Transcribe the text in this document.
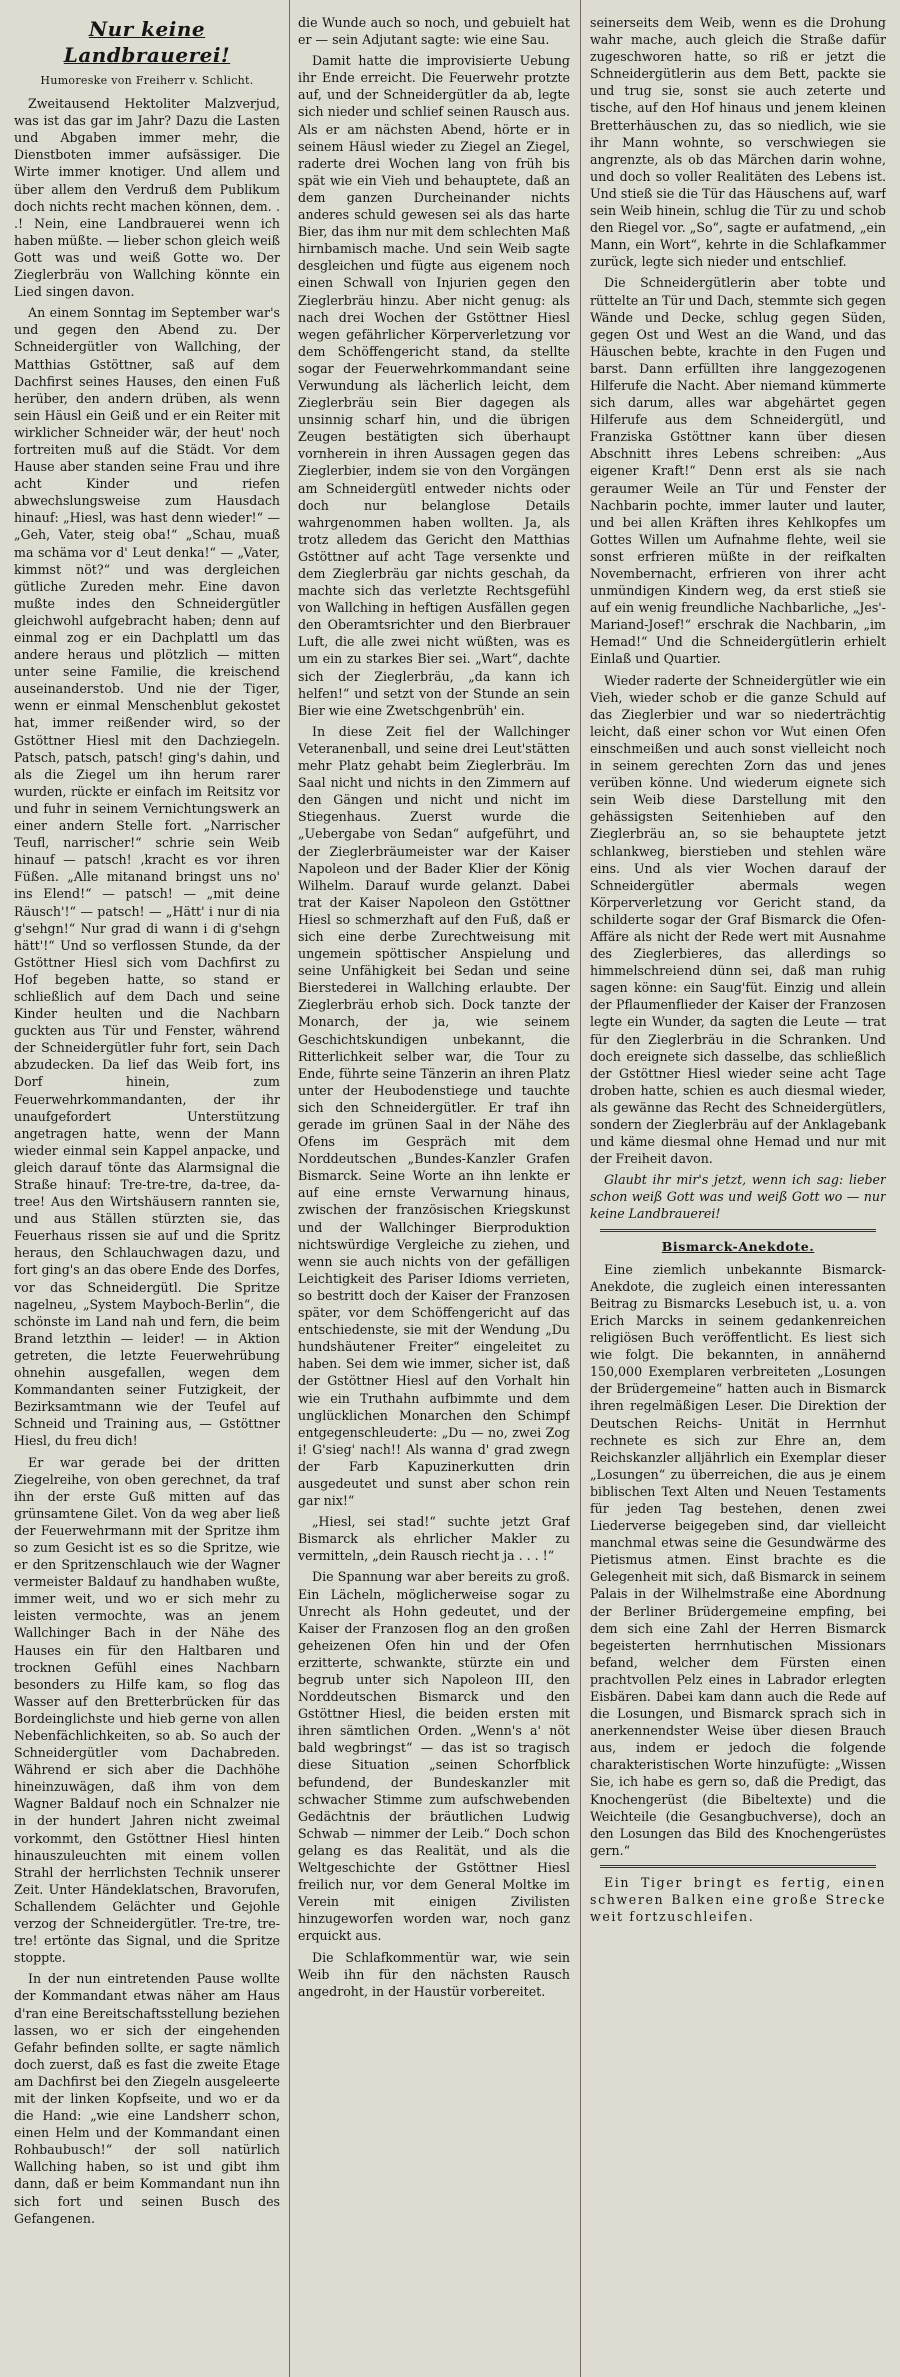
Nur keine Landbrauerei!
Humoreske von Freiherr v. Schlicht.

Zweitausend Hektoliter Malzverjud, was ist das gar im Jahr? Dazu die Lasten und Abgaben immer mehr, die Dienstboten immer aufsässiger. Die Wirte immer knotiger. Und allem und über allem den Verdruß dem Publikum doch nichts recht machen können, dem. . .! Nein, eine Landbrauerei wenn ich haben müßte. — lieber schon gleich weiß Gott was und weiß Gotte wo. Der Zieglerbräu von Wallching könnte ein Lied singen davon.

An einem Sonntag im September war's und gegen den Abend zu. Der Schneidergütler von Wallching, der Matthias Gstöttner, saß auf dem Dachfirst seines Hauses, den einen Fuß herüber, den andern drüben, als wenn sein Häusl ein Geiß und er ein Reiter mit wirklicher Schneider wär, der heut' noch fortreiten muß auf die Städt. Vor dem Hause aber standen seine Frau und ihre acht Kinder und riefen abwechslungsweise zum Hausdach hinauf: „Hiesl, was hast denn wieder!“ — „Geh, Vater, steig oba!“ „Schau, muaß ma schäma vor d' Leut denka!“ — „Vater, kimmst nöt?“ und was dergleichen gütliche Zureden mehr. Eine davon mußte indes den Schneidergütler gleichwohl aufgebracht haben; denn auf einmal zog er ein Dachplattl um das andere heraus und plötzlich — mitten unter seine Familie, die kreischend auseinanderstob. Und nie der Tiger, wenn er einmal Menschenblut gekostet hat, immer reißender wird, so der Gstöttner Hiesl mit den Dachziegeln. Patsch, patsch, patsch! ging's dahin, und als die Ziegel um ihn herum rarer wurden, rückte er einfach im Reitsitz vor und fuhr in seinem Vernichtungswerk an einer andern Stelle fort. „Narrischer Teufl, narrischer!“ schrie sein Weib hinauf — patsch! ‚kracht es vor ihren Füßen. „Alle mitanand bringst uns no' ins Elend!“ — patsch! — „mit deine Räusch'!“ — patsch! — „Hätt' i nur di nia g'sehgn!“ Nur grad di wann i di g'sehgn hätt'!“ Und so verflossen Stunde, da der Gstöttner Hiesl sich vom Dachfirst zu Hof begeben hatte, so stand er schließlich auf dem Dach und seine Kinder heulten und die Nachbarn guckten aus Tür und Fenster, während der Schneidergütler fuhr fort, sein Dach abzudecken. Da lief das Weib fort, ins Dorf hinein, zum Feuerwehrkommandanten, der ihr unaufgefordert Unterstützung angetragen hatte, wenn der Mann wieder einmal sein Kappel anpacke, und gleich darauf tönte das Alarmsignal die Straße hinauf: Tre-tre-tre, da-tree, da-tree! Aus den Wirtshäusern rannten sie, und aus Ställen stürzten sie, das Feuerhaus rissen sie auf und die Spritz heraus, den Schlauchwagen dazu, und fort ging's an das obere Ende des Dorfes, vor das Schneidergütl. Die Spritze nagelneu, „System Mayboch-Berlin“, die schönste im Land nah und fern, die beim Brand letzthin — leider! — in Aktion getreten, die letzte Feuerwehrübung ohnehin ausgefallen, wegen dem Kommandanten seiner Futzigkeit, der Bezirksamtmann wie der Teufel auf Schneid und Training aus, — Gstöttner Hiesl, du freu dich!

Er war gerade bei der dritten Ziegelreihe, von oben gerechnet, da traf ihn der erste Guß mitten auf das grünsamtene Gilet. Von da weg aber ließ der Feuerwehrmann mit der Spritze ihm so zum Gesicht ist es so die Spritze, wie er den Spritzenschlauch wie der Wagner vermeister Baldauf zu handhaben wußte, immer weit, und wo er sich mehr zu leisten vermochte, was an jenem Wallchinger Bach in der Nähe des Hauses ein für den Haltbaren und trocknen Gefühl eines Nachbarn besonders zu Hilfe kam, so flog das Wasser auf den Bretterbrücken für das Bordeinglichste und hieb gerne von allen Nebenfächlichkeiten, so ab. So auch der Schneidergütler vom Dachabreden. Während er sich aber die Dachhöhe hineinzuwägen, daß ihm von dem Wagner Baldauf noch ein Schnalzer nie in der hundert Jahren nicht zweimal vorkommt, den Gstöttner Hiesl hinten hinauszuleuchten mit einem vollen Strahl der herrlichsten Technik unserer Zeit. Unter Händeklatschen, Bravorufen, Schallendem Gelächter und Gejohle verzog der Schneidergütler. Tre-tre, tre-tre! ertönte das Signal, und die Spritze stoppte.

In der nun eintretenden Pause wollte der Kommandant etwas näher am Haus d'ran eine Bereitschaftsstellung beziehen lassen, wo er sich der eingehenden Gefahr befinden sollte, er sagte nämlich doch zuerst, daß es fast die zweite Etage am Dachfirst bei den Ziegeln ausgeleerte mit der linken Kopfseite, und wo er da die Hand: „wie eine Landsherr schon, einen Helm und der Kommandant einen Rohbaubusch!“ der soll natürlich Wallching haben, so ist und gibt ihm dann, daß er beim Kommandant nun ihn sich fort und seinen Busch des Gefangenen.

die Wunde auch so noch, und gebuielt hat er — sein Adjutant sagte: wie eine Sau.

Damit hatte die improvisierte Uebung ihr Ende erreicht. Die Feuerwehr protzte auf, und der Schneidergütler da ab, legte sich nieder und schlief seinen Rausch aus. Als er am nächsten Abend, hörte er in seinem Häusl wieder zu Ziegel an Ziegel, raderte drei Wochen lang von früh bis spät wie ein Vieh und behauptete, daß an dem ganzen Durcheinander nichts anderes schuld gewesen sei als das harte Bier, das ihm nur mit dem schlechten Maß hirnbamisch mache. Und sein Weib sagte desgleichen und fügte aus eigenem noch einen Schwall von Injurien gegen den Zieglerbräu hinzu. Aber nicht genug: als nach drei Wochen der Gstöttner Hiesl wegen gefährlicher Körperverletzung vor dem Schöffengericht stand, da stellte sogar der Feuerwehrkommandant seine Verwundung als lächerlich leicht, dem Zieglerbräu sein Bier dagegen als unsinnig scharf hin, und die übrigen Zeugen bestätigten sich überhaupt vornherein in ihren Aussagen gegen das Zieglerbier, indem sie von den Vorgängen am Schneidergütl entweder nichts oder doch nur belanglose Details wahrgenommen haben wollten. Ja, als trotz alledem das Gericht den Matthias Gstöttner auf acht Tage versenkte und dem Zieglerbräu gar nichts geschah, da machte sich das verletzte Rechtsgefühl von Wallching in heftigen Ausfällen gegen den Oberamtsrichter und den Bierbrauer Luft, die alle zwei nicht wüßten, was es um ein zu starkes Bier sei. „Wart“, dachte sich der Zieglerbräu, „da kann ich helfen!“ und setzt von der Stunde an sein Bier wie eine Zwetschgenbrüh' ein.

In diese Zeit fiel der Wallchinger Veteranenball, und seine drei Leut'stätten mehr Platz gehabt beim Zieglerbräu. Im Saal nicht und nichts in den Zimmern auf den Gängen und nicht und nicht im Stiegenhaus. Zuerst wurde die „Uebergabe von Sedan“ aufgeführt, und der Zieglerbräumeister war der Kaiser Napoleon und der Bader Klier der König Wilhelm. Darauf wurde gelanzt. Dabei trat der Kaiser Napoleon den Gstöttner Hiesl so schmerzhaft auf den Fuß, daß er sich eine derbe Zurechtweisung mit ungemein spöttischer Anspielung und seine Unfähigkeit bei Sedan und seine Bierstederei in Wallching erlaubte. Der Zieglerbräu erhob sich. Dock tanzte der Monarch, der ja, wie seinem Geschichtskundigen unbekannt, die Ritterlichkeit selber war, die Tour zu Ende, führte seine Tänzerin an ihren Platz unter der Heubodenstiege und tauchte sich den Schneidergütler. Er traf ihn gerade im grünen Saal in der Nähe des Ofens im Gespräch mit dem Norddeutschen „Bundes-Kanzler Grafen Bismarck. Seine Worte an ihn lenkte er auf eine ernste Verwarnung hinaus, zwischen der französischen Kriegskunst und der Wallchinger Bierproduktion nichtswürdige Vergleiche zu ziehen, und wenn sie auch nichts von der gefälligen Leichtigkeit des Pariser Idioms verrieten, so bestritt doch der Kaiser der Franzosen später, vor dem Schöffengericht auf das entschiedenste, sie mit der Wendung „Du hundshäutener Freiter“ eingeleitet zu haben. Sei dem wie immer, sicher ist, daß der Gstöttner Hiesl auf den Vorhalt hin wie ein Truthahn aufbimmte und dem unglücklichen Monarchen den Schimpf entgegenschleuderte: „Du — no, zwei Zog i! G'sieg' nach!! Als wanna d' grad zwegn der Farb Kapuzinerkutten drin ausgedeutet und sunst aber schon rein gar nix!“

„Hiesl, sei stad!“ suchte jetzt Graf Bismarck als ehrlicher Makler zu vermitteln, „dein Rausch riecht ja . . . !“

Die Spannung war aber bereits zu groß. Ein Lächeln, möglicherweise sogar zu Unrecht als Hohn gedeutet, und der Kaiser der Franzosen flog an den großen geheizenen Ofen hin und der Ofen erzitterte, schwankte, stürzte ein und begrub unter sich Napoleon III, den Norddeutschen Bismarck und den Gstöttner Hiesl, die beiden ersten mit ihren sämtlichen Orden. „Wenn's a' nöt bald wegbringst“ — das ist so tragisch diese Situation „seinen Schorfblick befundend, der Bundeskanzler mit schwacher Stimme zum aufschwebenden Gedächtnis der bräutlichen Ludwig Schwab — nimmer der Leib.“ Doch schon gelang es das Realität, und als die Weltgeschichte der Gstöttner Hiesl freilich nur, vor dem General Moltke im Verein mit einigen Zivilisten hinzugeworfen worden war, noch ganz erquickt aus.

Die Schlafkommentür war, wie sein Weib ihn für den nächsten Rausch angedroht, in der Haustür vorbereitet.

seinerseits dem Weib, wenn es die Drohung wahr mache, auch gleich die Straße dafür zugeschworen hatte, so riß er jetzt die Schneidergütlerin aus dem Bett, packte sie und trug sie, sonst sie auch zeterte und tische, auf den Hof hinaus und jenem kleinen Bretterhäuschen zu, das so niedlich, wie sie ihr Mann wohnte, so verschwiegen sie angrenzte, als ob das Märchen darin wohne, und doch so voller Realitäten des Lebens ist. Und stieß sie die Tür das Häuschens auf, warf sein Weib hinein, schlug die Tür zu und schob den Riegel vor. „So“, sagte er aufatmend, „ein Mann, ein Wort“, kehrte in die Schlafkammer zurück, legte sich nieder und entschlief.

Die Schneidergütlerin aber tobte und rüttelte an Tür und Dach, stemmte sich gegen Wände und Decke, schlug gegen Süden, gegen Ost und West an die Wand, und das Häuschen bebte, krachte in den Fugen und barst. Dann erfüllten ihre langgezogenen Hilferufe die Nacht. Aber niemand kümmerte sich darum, alles war abgehärtet gegen Hilferufe aus dem Schneidergütl, und Franziska Gstöttner kann über diesen Abschnitt ihres Lebens schreiben: „Aus eigener Kraft!“ Denn erst als sie nach geraumer Weile an Tür und Fenster der Nachbarin pochte, immer lauter und lauter, und bei allen Kräften ihres Kehlkopfes um Gottes Willen um Aufnahme flehte, weil sie sonst erfrieren müßte in der reifkalten Novembernacht, erfrieren von ihrer acht unmündigen Kindern weg, da erst stieß sie auf ein wenig freundliche Nachbarliche, „Jes'-Mariand-Josef!“ erschrak die Nachbarin, „im Hemad!“ Und die Schneidergütlerin erhielt Einlaß und Quartier.

Wieder raderte der Schneidergütler wie ein Vieh, wieder schob er die ganze Schuld auf das Zieglerbier und war so niederträchtig leicht, daß einer schon vor Wut einen Ofen einschmeißen und auch sonst vielleicht noch in seinem gerechten Zorn das und jenes verüben könne. Und wiederum eignete sich sein Weib diese Darstellung mit den gehässigsten Seitenhieben auf den Zieglerbräu an, so sie behauptete jetzt schlankweg, bierstieben und stehlen wäre eins. Und als vier Wochen darauf der Schneidergütler abermals wegen Körperverletzung vor Gericht stand, da schilderte sogar der Graf Bismarck die Ofen-Affäre als nicht der Rede wert mit Ausnahme des Zieglerbieres, das allerdings so himmelschreiend dünn sei, daß man ruhig sagen könne: ein Saug'füt. Einzig und allein der Pflaumenflieder der Kaiser der Franzosen legte ein Wunder, da sagten die Leute — trat für den Zieglerbräu in die Schranken. Und doch ereignete sich dasselbe, das schließlich der Gstöttner Hiesl wieder seine acht Tage droben hatte, schien es auch diesmal wieder, als gewänne das Recht des Schneidergütlers, sondern der Zieglerbräu auf der Anklagebank und käme diesmal ohne Hemad und nur mit der Freiheit davon.

Glaubt ihr mir's jetzt, wenn ich sag: lieber schon weiß Gott was und weiß Gott wo — nur keine Landbrauerei!

Bismarck-Anekdote.

Eine ziemlich unbekannte Bismarck-Anekdote, die zugleich einen interessanten Beitrag zu Bismarcks Lesebuch ist, u. a. von Erich Marcks in seinem gedankenreichen religiösen Buch veröffentlicht. Es liest sich wie folgt. Die bekannten, in annähernd 150,000 Exemplaren verbreiteten „Losungen der Brüdergemeine“ hatten auch in Bismarck ihren regelmäßigen Leser. Die Direktion der Deutschen Reichs- Unität in Herrnhut rechnete es sich zur Ehre an, dem Reichskanzler alljährlich ein Exemplar dieser „Losungen“ zu überreichen, die aus je einem biblischen Text Alten und Neuen Testaments für jeden Tag bestehen, denen zwei Liederverse beigegeben sind, dar vielleicht manchmal etwas seine die Gesundwärme des Pietismus atmen. Einst brachte es die Gelegenheit mit sich, daß Bismarck in seinem Palais in der Wilhelmstraße eine Abordnung der Berliner Brüdergemeine empfing, bei dem sich eine Zahl der Herren Bismarck begeisterten herrnhutischen Missionars befand, welcher dem Fürsten einen prachtvollen Pelz eines in Labrador erlegten Eisbären. Dabei kam dann auch die Rede auf die Losungen, und Bismarck sprach sich in anerkennendster Weise über diesen Brauch aus, indem er jedoch die folgende charakteristischen Worte hinzufügte: „Wissen Sie, ich habe es gern so, daß die Predigt, das Knochengerüst (die Bibeltexte) und die Weichteile (die Gesangbuchverse), doch an den Losungen das Bild des Knochengerüstes gern.“

Ein Tiger bringt es fertig, einen schweren Balken eine große Strecke weit fortzuschleifen.
